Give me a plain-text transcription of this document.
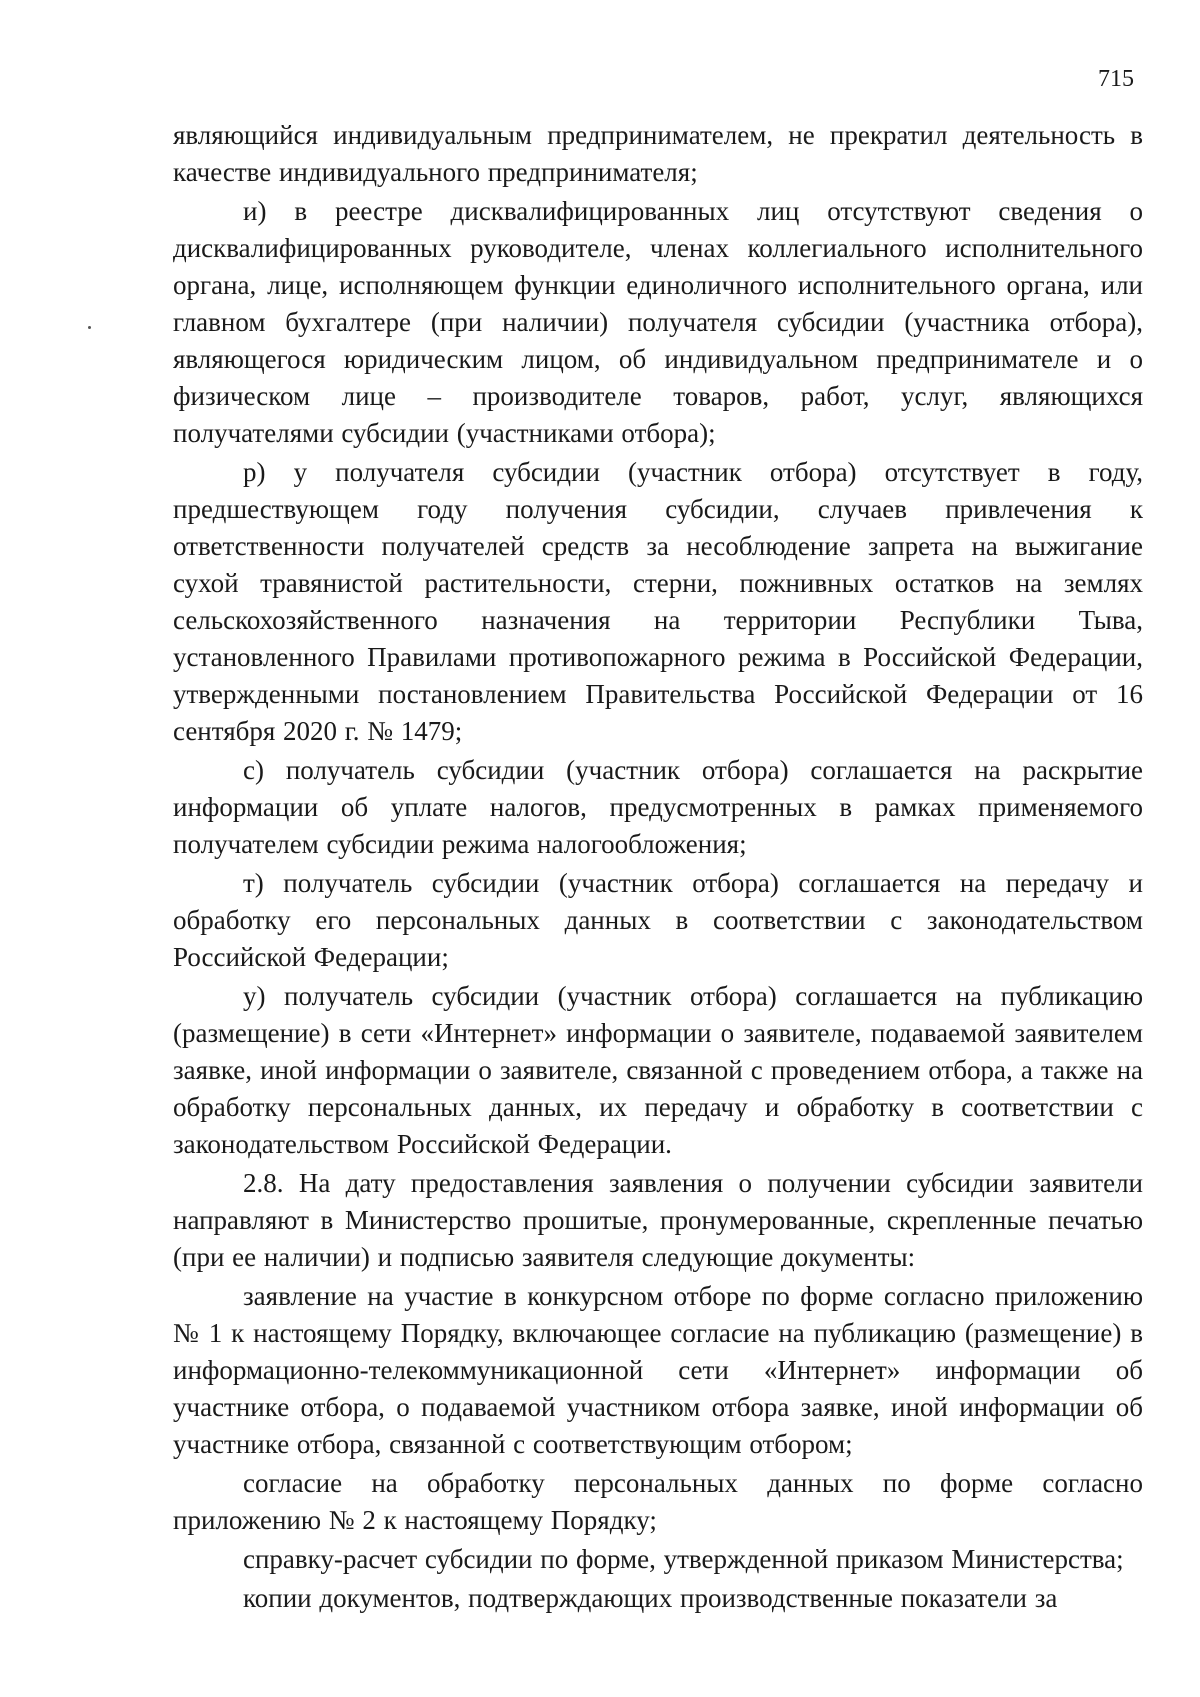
715

являющийся индивидуальным предпринимателем, не прекратил деятельность в качестве индивидуального предпринимателя;

и) в реестре дисквалифицированных лиц отсутствуют сведения о дисквалифицированных руководителе, членах коллегиального исполнительного органа, лице, исполняющем функции единоличного исполнительного органа, или главном бухгалтере (при наличии) получателя субсидии (участника отбора), являющегося юридическим лицом, об индивидуальном предпринимателе и о физическом лице – производителе товаров, работ, услуг, являющихся получателями субсидии (участниками отбора);

р) у получателя субсидии (участник отбора) отсутствует в году, предшествующем году получения субсидии, случаев привлечения к ответственности получателей средств за несоблюдение запрета на выжигание сухой травянистой растительности, стерни, пожнивных остатков на землях сельскохозяйственного назначения на территории Республики Тыва, установленного Правилами противопожарного режима в Российской Федерации, утвержденными постановлением Правительства Российской Федерации от 16 сентября 2020 г. № 1479;

с) получатель субсидии (участник отбора) соглашается на раскрытие информации об уплате налогов, предусмотренных в рамках применяемого получателем субсидии режима налогообложения;

т) получатель субсидии (участник отбора) соглашается на передачу и обработку его персональных данных в соответствии с законодательством Российской Федерации;

у) получатель субсидии (участник отбора) соглашается на публикацию (размещение) в сети «Интернет» информации о заявителе, подаваемой заявителем заявке, иной информации о заявителе, связанной с проведением отбора, а также на обработку персональных данных, их передачу и обработку в соответствии с законодательством Российской Федерации.

2.8. На дату предоставления заявления о получении субсидии заявители направляют в Министерство прошитые, пронумерованные, скрепленные печатью (при ее наличии) и подписью заявителя следующие документы:

заявление на участие в конкурсном отборе по форме согласно приложению № 1 к настоящему Порядку, включающее согласие на публикацию (размещение) в информационно-телекоммуникационной сети «Интернет» информации об участнике отбора, о подаваемой участником отбора заявке, иной информации об участнике отбора, связанной с соответствующим отбором;

согласие на обработку персональных данных по форме согласно приложению № 2 к настоящему Порядку;

справку-расчет субсидии по форме, утвержденной приказом Министерства;

копии документов, подтверждающих производственные показатели за
